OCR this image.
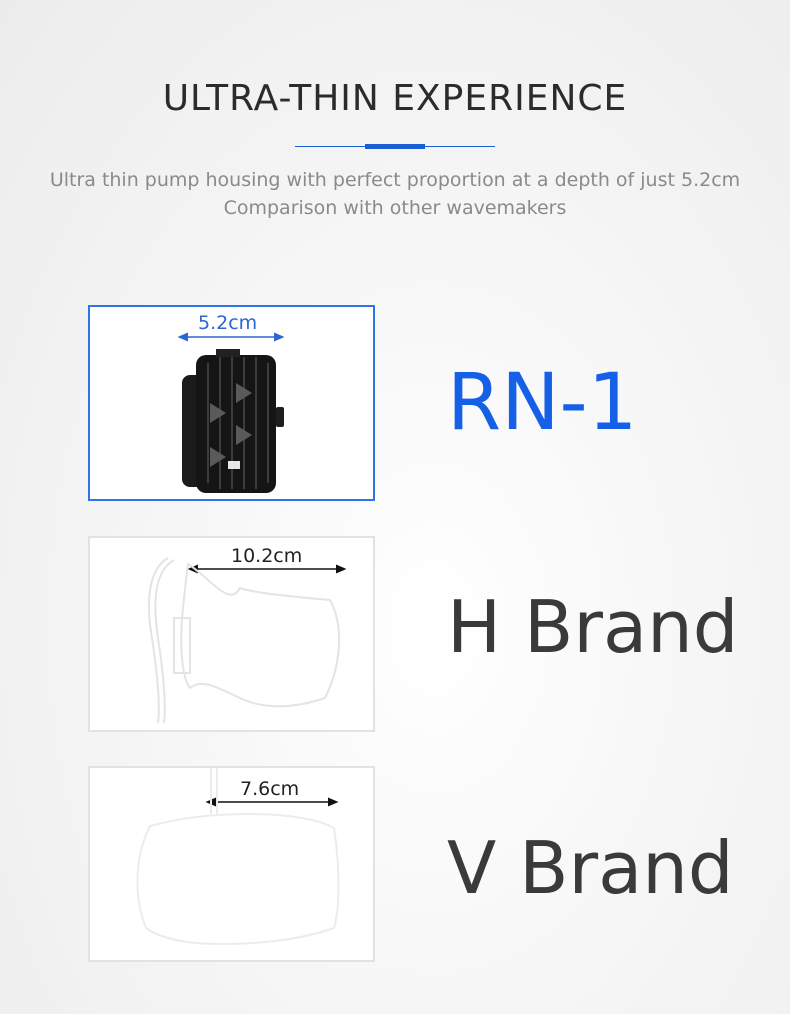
ULTRA-THIN EXPERIENCE
Ultra thin pump housing with perfect proportion at a depth of just 5.2cm
Comparison with other wavemakers
5.2cm
RN-1
10.2cm
H Brand
7.6cm
V Brand
